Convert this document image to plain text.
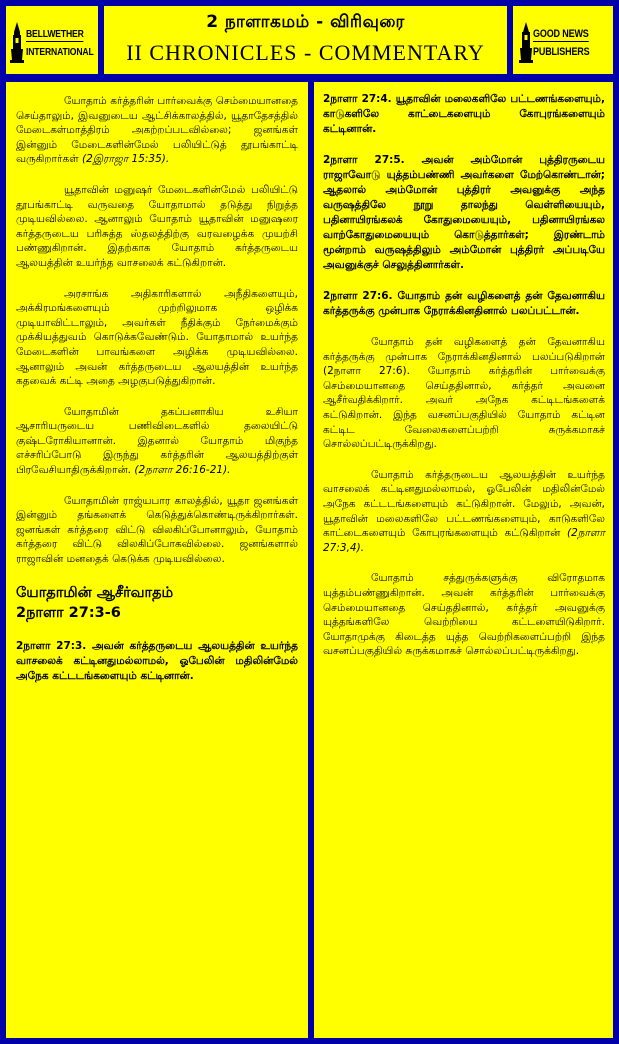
BELLWETHER
INTERNATIONAL
2 நாளாகமம் - விரிவுரை
II CHRONICLES - COMMENTARY
GOOD NEWS
PUBLISHERS

யோதாம் கர்த்தரின் பார்வைக்கு செம்மையானதை செய்தாலும், இவனுடைய ஆட்சிக்காலத்தில், யூதாதேசத்தில் மேடைகள்மாத்திரம் அகற்றப்படவில்லை; ஜனங்கள் இன்னும் மேடைகளின்மேல் பலியிட்டுத் தூபங்காட்டி வருகிறார்கள் (2இராஜா 15:35).

யூதாவின் மனுஷர் மேடைகளின்மேல் பலியிட்டு தூபங்காட்டி வருவதை யோதாமால் தடுத்து நிறுத்த முடியவில்லை. ஆனாலும் யோதாம் யூதாவின் மனுஷரை கர்த்தருடைய பரிசுத்த ஸ்தலத்திற்கு வரவழைக்க முயற்சி பண்ணுகிறான். இதற்காக யோதாம் கர்த்தருடைய ஆலயத்தின் உயர்ந்த வாசலைக் கட்டுகிறான்.

அரசாங்க அதிகாரிகளால் அநீதிகளையும், அக்கிரமங்களையும் முற்றிலுமாக ஒழிக்க முடியாவிட்டாலும், அவர்கள் நீதிக்கும் நேர்மைக்கும் முக்கியத்துவம் கொடுக்கவேண்டும். யோதாமால் உயர்ந்த மேடைகளின் பாவங்களை அழிக்க முடியவில்லை. ஆனாலும் அவன் கர்த்தருடைய ஆலயத்தின் உயர்ந்த கதவைக் கட்டி அதை அழகுபடுத்துகிறான்.

யோதாமின் தகப்பனாகிய உசியா ஆசாரியருடைய பணிவிடைகளில் தலையிட்டு குஷ்டரோகியானான். இதனால் யோதாம் மிகுந்த எச்சரிப்போடு இருந்து கர்த்தரின் ஆலயத்திற்குள் பிரவேசியாதிருக்கிறான். (2நாளா 26:16-21).

யோதாமின் ராஜ்யபார காலத்தில், யூதா ஜனங்கள் இன்னும் தங்களைக் கெடுத்துக்கொண்டிருக்கிறார்கள். ஜனங்கள் கர்த்தரை விட்டு விலகிப்போனாலும், யோதாம் கர்த்தரை விட்டு விலகிப்போகவில்லை. ஜனங்களால் ராஜாவின் மனதைக் கெடுக்க முடியவில்லை.

யோதாமின் ஆசீர்வாதம்
2நாளா 27:3-6

2நாளா 27:3. அவன் கர்த்தருடைய ஆலயத்தின் உயர்ந்த வாசலைக் கட்டினதுமல்லாமல், ஓபேலின் மதிலின்மேல் அநேக கட்டடங்களையும் கட்டினான்.

2நாளா 27:4. யூதாவின் மலைகளிலே பட்டணங்களையும், காடுகளிலே காட்டைகளையும் கோபுரங்களையும் கட்டினான்.

2நாளா 27:5. அவன் அம்மோன் புத்திரருடைய ராஜாவோடு யுத்தம்பண்ணி அவர்களை மேற்கொண்டான்; ஆதலால் அம்மோன் புத்திரர் அவனுக்கு அந்த வருஷத்திலே நூறு தாலந்து வெள்ளியையும், பதினாயிரங்கலக் கோதுமையையும், பதினாயிரங்கல வாற்கோதுமையையும் கொடுத்தார்கள்; இரண்டாம் மூன்றாம் வருஷத்திலும் அம்மோன் புத்திரர் அப்படியே அவனுக்குச் செலுத்தினார்கள்.

2நாளா 27:6. யோதாம் தன் வழிகளைத் தன் தேவனாகிய கர்த்தருக்கு முன்பாக நேராக்கினதினால் பலப்பட்டான்.

யோதாம் தன் வழிகளைத் தன் தேவனாகிய கர்த்தருக்கு முன்பாக நேராக்கினதினால் பலப்படுகிறான் (2நாளா 27:6). யோதாம் கர்த்தரின் பார்வைக்கு செம்மையானதை செய்ததினால், கர்த்தர் அவனை ஆசீர்வதிக்கிறார். அவர் அநேக கட்டிடங்களைக் கட்டுகிறான். இந்த வசனப்பகுதியில் யோதாம் கட்டின கட்டிட வேலைகளைப்பற்றி சுருக்கமாகச் சொல்லப்பட்டிருக்கிறது.

யோதாம் கர்த்தருடைய ஆலயத்தின் உயர்ந்த வாசலைக் கட்டினதுமல்லாமல், ஓபேலின் மதிலின்மேல் அநேக கட்டடங்களையும் கட்டுகிறான். மேலும், அவன், யூதாவின் மலைகளிலே பட்டணங்களையும், காடுகளிலே காட்டைகளையும் கோபுரங்களையும் கட்டுகிறான் (2நாளா 27:3,4).

யோதாம் சத்துருக்களுக்கு விரோதமாக யுத்தம்பண்ணுகிறான். அவன் கர்த்தரின் பார்வைக்கு செம்மையானதை செய்ததினால், கர்த்தர் அவனுக்கு யுத்தங்களிலே வெற்றியை கட்டளையிடுகிறார். யோதாமுக்கு கிடைத்த யுத்த வெற்றிகளைப்பற்றி இந்த வசனப்பகுதியில் சுருக்கமாகச் சொல்லப்பட்டிருக்கிறது.
